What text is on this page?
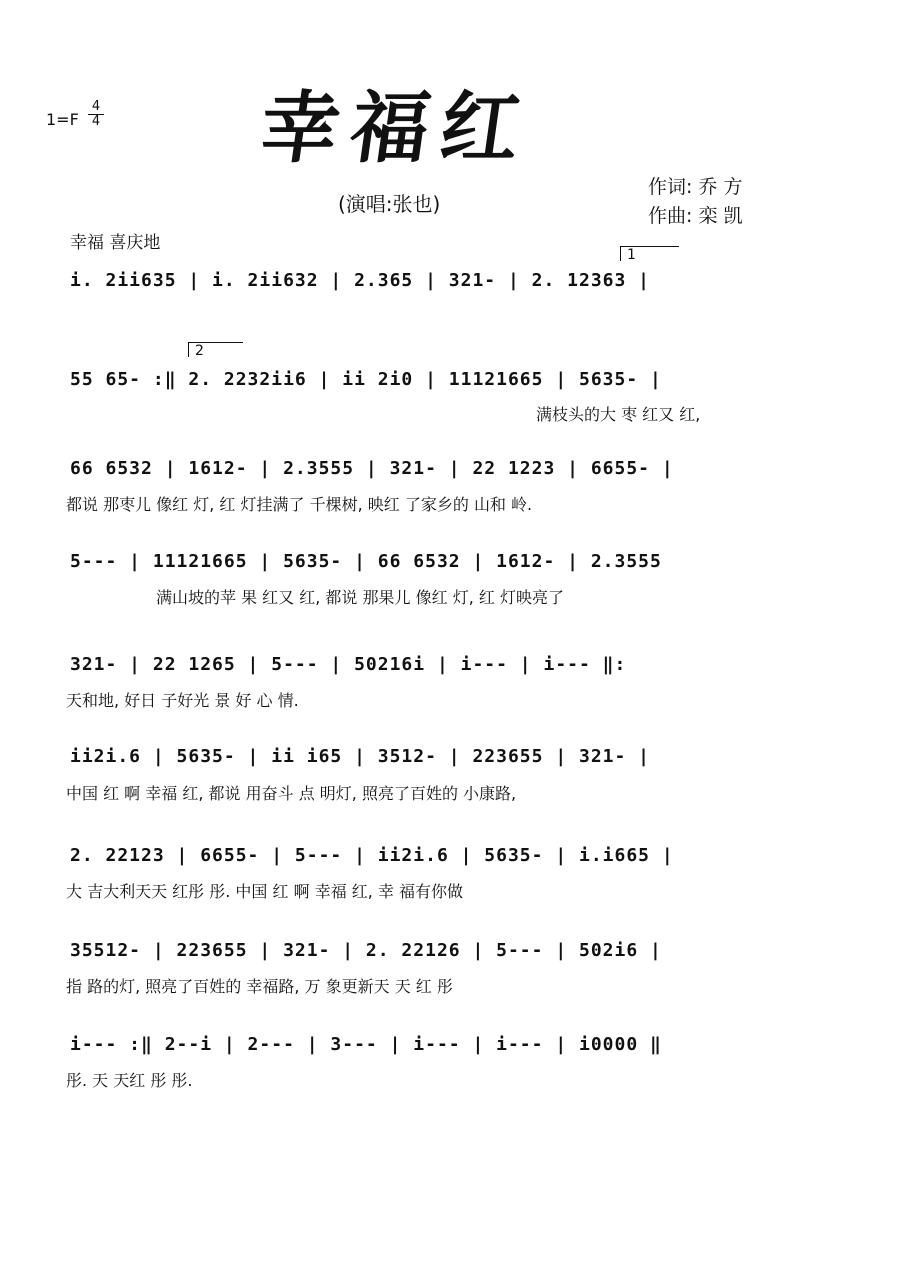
1=F
4
4 幸福红
(演唱:张也)
作词: 乔 方
作曲: 栾 凯
幸福 喜庆地
1
2
i. 2ii635 | i. 2ii632 | 2.365 | 321- | 2. 12363 |
55 65- :‖ 2. 2232ii6 | ii 2i0 | 11121665 | 5635- |
满枝头的大 枣 红又 红,
66 6532 | 1612- | 2.3555 | 321- | 22 1223 | 6655- |
都说 那枣儿 像红 灯, 红 灯挂满了 千棵树, 映红 了家乡的 山和 岭.
5--- | 11121665 | 5635- | 66 6532 | 1612- | 2.3555
满山坡的苹 果 红又 红, 都说 那果儿 像红 灯, 红 灯映亮了
321- | 22 1265 | 5--- | 50216i | i--- | i--- ‖:
天和地, 好日 子好光 景 好 心 情.
ii2i.6 | 5635- | ii i65 | 3512- | 223655 | 321- |
中国 红 啊 幸福 红, 都说 用奋斗 点 明灯, 照亮了百姓的 小康路,
2. 22123 | 6655- | 5--- | ii2i.6 | 5635- | i.i665 |
大 吉大利天天 红彤 彤. 中国 红 啊 幸福 红, 幸 福有你做
35512- | 223655 | 321- | 2. 22126 | 5--- | 502i6 |
指 路的灯, 照亮了百姓的 幸福路, 万 象更新天 天 红 彤
i--- :‖ 2--i | 2--- | 3--- | i--- | i--- | i0000 ‖
彤. 天 天红 彤 彤.
